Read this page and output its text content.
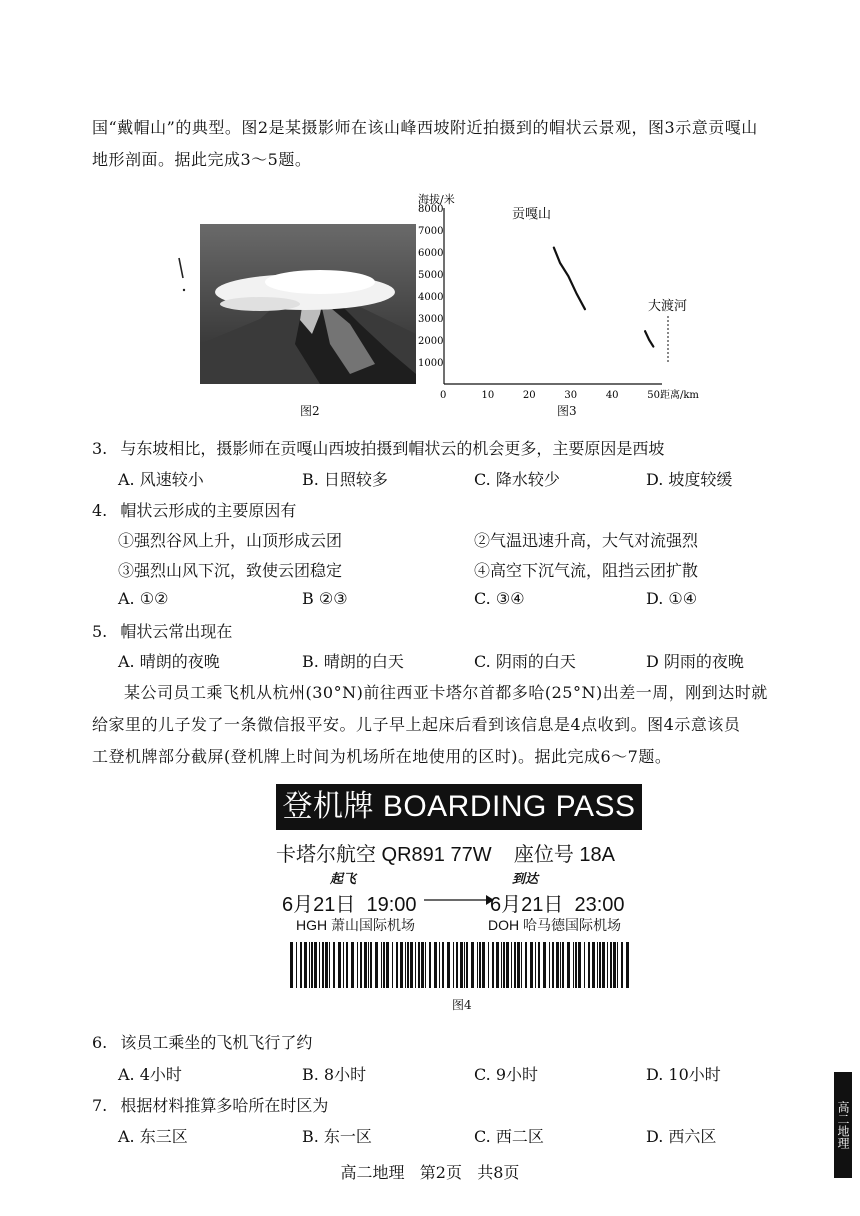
国“戴帽山”的典型。图2是某摄影师在该山峰西坡附近拍摄到的帽状云景观，图3示意贡嘎山
地形剖面。据此完成3～5题。
图2
海拔/米
8000
7000
6000
5000
4000
3000
2000
1000
0	10	20	30	40	50距离/km
贡嘎山
大渡河
图3
3. 与东坡相比，摄影师在贡嘎山西坡拍摄到帽状云的机会更多，主要原因是西坡
A. 风速较小	B. 日照较多	C. 降水较少	D. 坡度较缓
4. 帽状云形成的主要原因有
①强烈谷风上升，山顶形成云团	②气温迅速升高，大气对流强烈
③强烈山风下沉，致使云团稳定	④高空下沉气流，阻挡云团扩散
A. ①②	B ②③	C. ③④	D. ①④
5. 帽状云常出现在
A. 晴朗的夜晚	B. 晴朗的白天	C. 阴雨的白天	D 阴雨的夜晚
某公司员工乘飞机从杭州(30°N)前往西亚卡塔尔首都多哈(25°N)出差一周，刚到达时就
给家里的儿子发了一条微信报平安。儿子早上起床后看到该信息是4点收到。图4示意该员
工登机牌部分截屏(登机牌上时间为机场所在地使用的区时)。据此完成6～7题。
登机牌 BOARDING PASS
卡塔尔航空 QR891 77W    座位号 18A
起飞	到达
6月21日  19:00	6月21日  23:00
HGH 萧山国际机场	DOH 哈马德国际机场
图4
6. 该员工乘坐的飞机飞行了约
A. 4小时	B. 8小时	C. 9小时	D. 10小时
7. 根据材料推算多哈所在时区为
A. 东三区	B. 东一区	C. 西二区	D. 西六区
高二地理   第2页   共8页
高二地理
